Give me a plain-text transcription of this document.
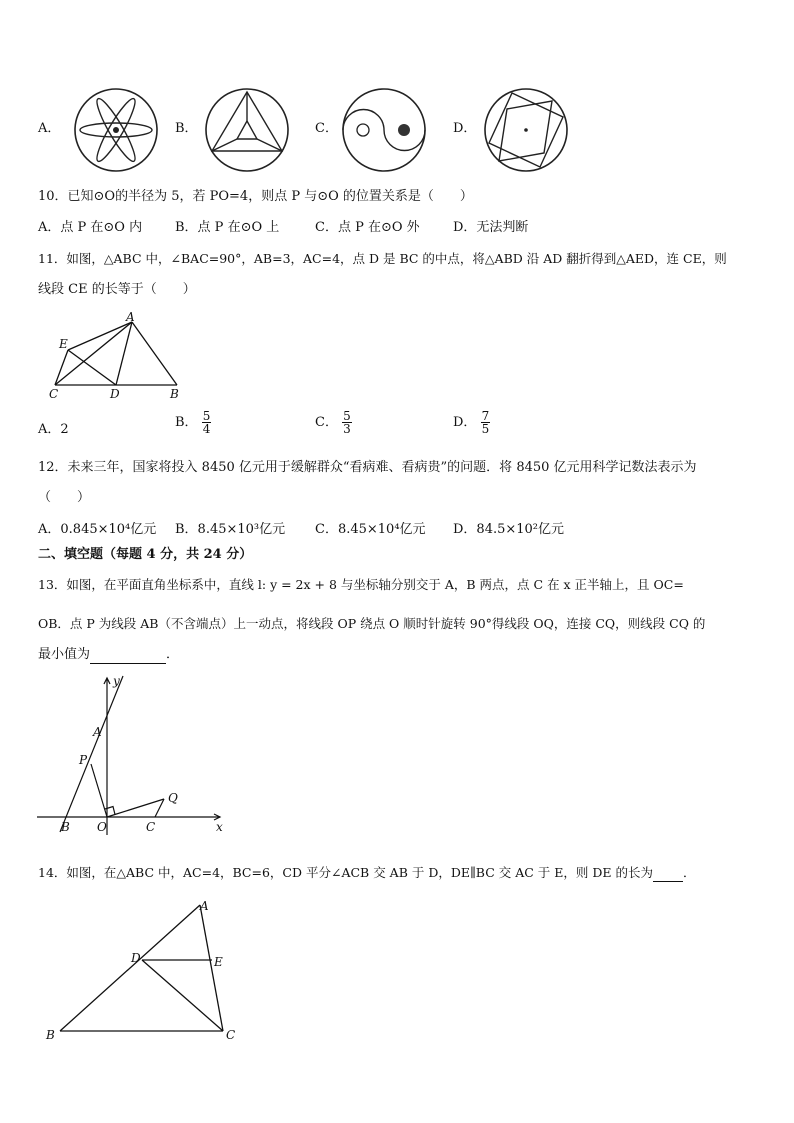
A．	B．	C．	D．
10．已知⊙O的半径为 5，若 PO=4，则点 P 与⊙O 的位置关系是（　　）
A．点 P 在⊙O 内	B．点 P 在⊙O 上	C．点 P 在⊙O 外	D．无法判断
11．如图，△ABC 中，∠BAC=90°，AB=3，AC=4，点 D 是 BC 的中点，将△ABD 沿 AD 翻折得到△AED，连 CE，则
线段 CE 的长等于（　　）
A
E
C	D	B
A．2	B． $\frac{5}{4}$	C． $\frac{5}{3}$	D． $\frac{7}{5}$
12．未来三年，国家将投入 8450 亿元用于缓解群众“看病难、看病贵”的问题．将 8450 亿元用科学记数法表示为
（　　）
A．0.845×10⁴亿元 B．8.45×10³亿元 C．8.45×10⁴亿元 D．84.5×10²亿元
二、填空题（每题 4 分，共 24 分）
13．如图，在平面直角坐标系中，直线 l: y = 2x + 8 与坐标轴分别交于 A，B 两点，点 C 在 x 正半轴上，且 OC=
OB．点 P 为线段 AB（不含端点）上一动点，将线段 OP 绕点 O 顺时针旋转 90°得线段 OQ，连接 CQ，则线段 CQ 的
最小值为	．
y
x
A
P
Q
B O	C
14．如图，在△ABC 中，AC=4，BC=6，CD 平分∠ACB 交 AB 于 D，DE∥BC 交 AC 于 E，则 DE 的长为 ．
A
D	E
B	C
